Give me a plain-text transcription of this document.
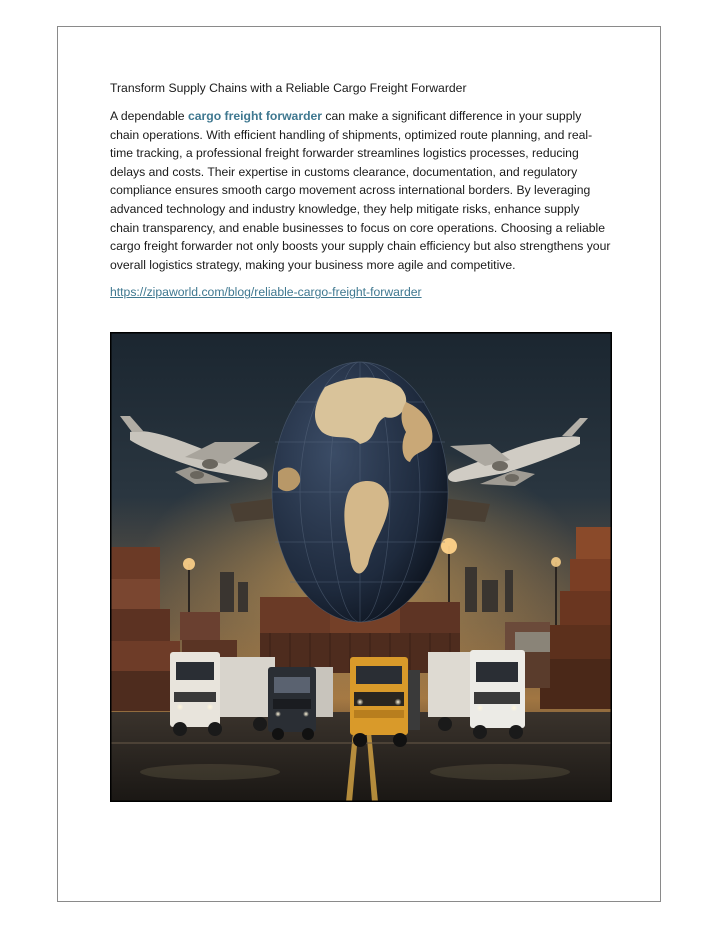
Transform Supply Chains with a Reliable Cargo Freight Forwarder

A dependable cargo freight forwarder can make a significant difference in your supply chain operations. With efficient handling of shipments, optimized route planning, and real-time tracking, a professional freight forwarder streamlines logistics processes, reducing delays and costs. Their expertise in customs clearance, documentation, and regulatory compliance ensures smooth cargo movement across international borders. By leveraging advanced technology and industry knowledge, they help mitigate risks, enhance supply chain transparency, and enable businesses to focus on core operations. Choosing a reliable cargo freight forwarder not only boosts your supply chain efficiency but also strengthens your overall logistics strategy, making your business more agile and competitive.

https://zipaworld.com/blog/reliable-cargo-freight-forwarder
